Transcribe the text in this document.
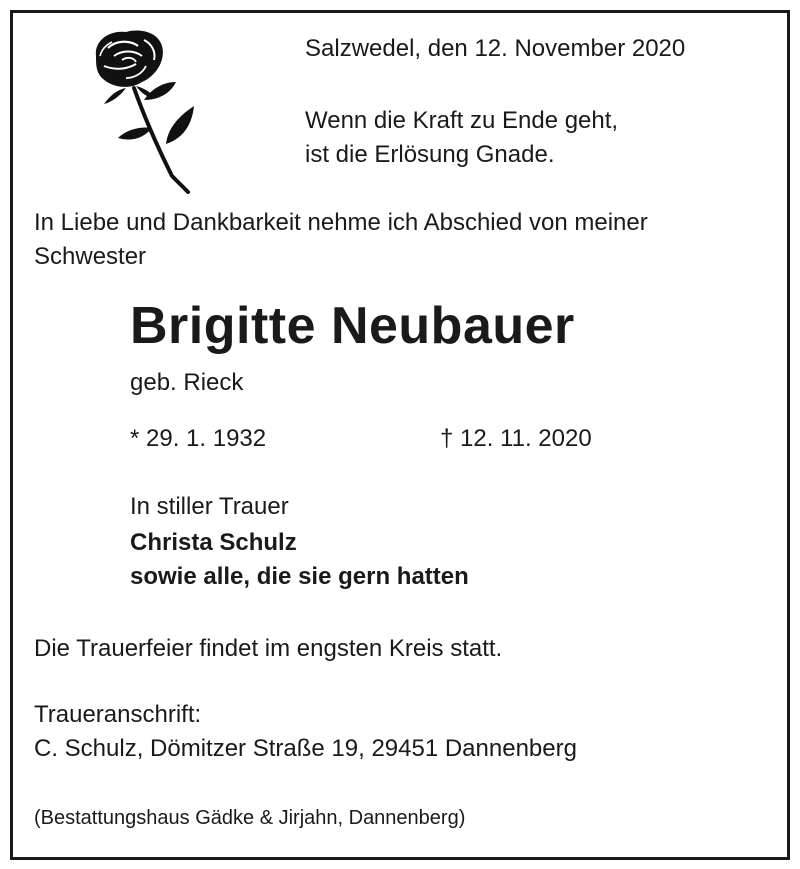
Salzwedel, den 12. November 2020
Wenn die Kraft zu Ende geht,
ist die Erlösung Gnade.
In Liebe und Dankbarkeit nehme ich Abschied von meiner
Schwester
Brigitte Neubauer
geb. Rieck
* 29. 1. 1932	† 12. 11. 2020
In stiller Trauer
Christa Schulz
sowie alle, die sie gern hatten
Die Trauerfeier findet im engsten Kreis statt.
Traueranschrift:
C. Schulz, Dömitzer Straße 19, 29451 Dannenberg
(Bestattungshaus Gädke & Jirjahn, Dannenberg)
